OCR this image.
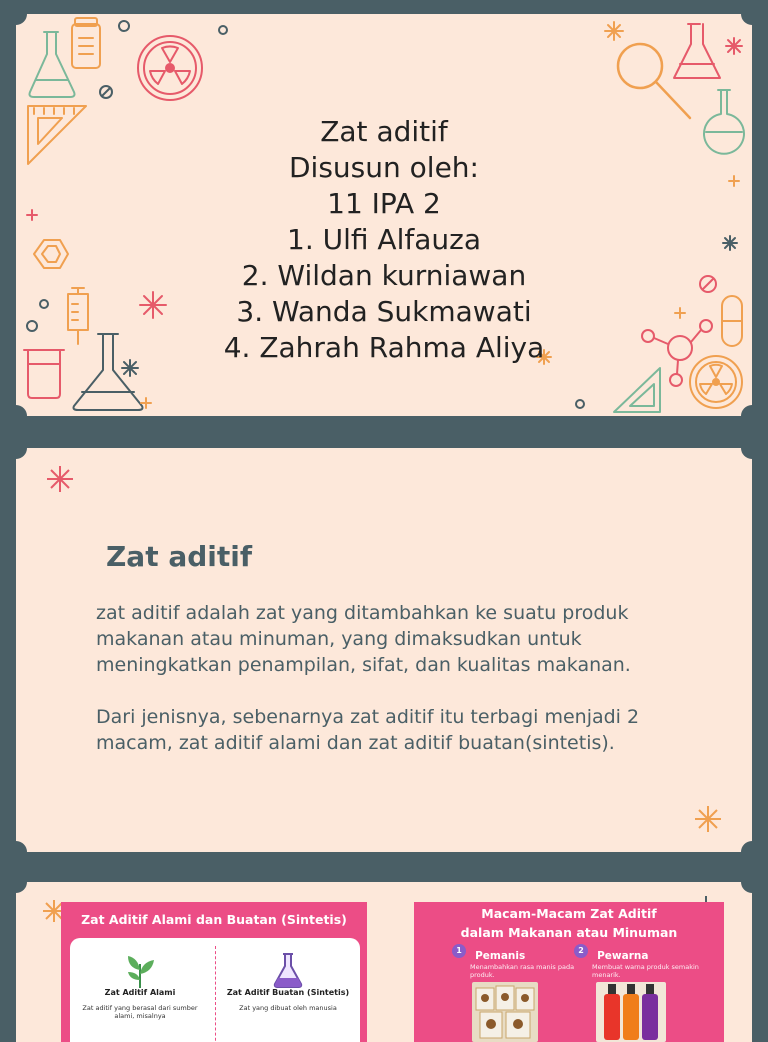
Zat aditif
Disusun oleh:
11 IPA 2
1. Ulfi Alfauza
2. Wildan kurniawan
3. Wanda Sukmawati
4. Zahrah Rahma Aliya
Zat aditif

zat aditif adalah zat yang ditambahkan ke suatu produk makanan atau minuman, yang dimaksudkan untuk meningkatkan penampilan, sifat, dan kualitas makanan.

Dari jenisnya, sebenarnya zat aditif itu terbagi menjadi 2 macam, zat aditif alami dan zat aditif buatan(sintetis).

Zat Aditif Alami dan Buatan (Sintetis)
Zat Aditif Alami
Zat aditif yang berasal dari sumber alami, misalnya
Zat Aditif Buatan (Sintetis)
Zat yang dibuat oleh manusia
Macam-Macam Zat Aditif
dalam Makanan atau Minuman
1 Pemanis
Menambahkan rasa manis pada produk.
2 Pewarna
Membuat warna produk semakin menarik.
